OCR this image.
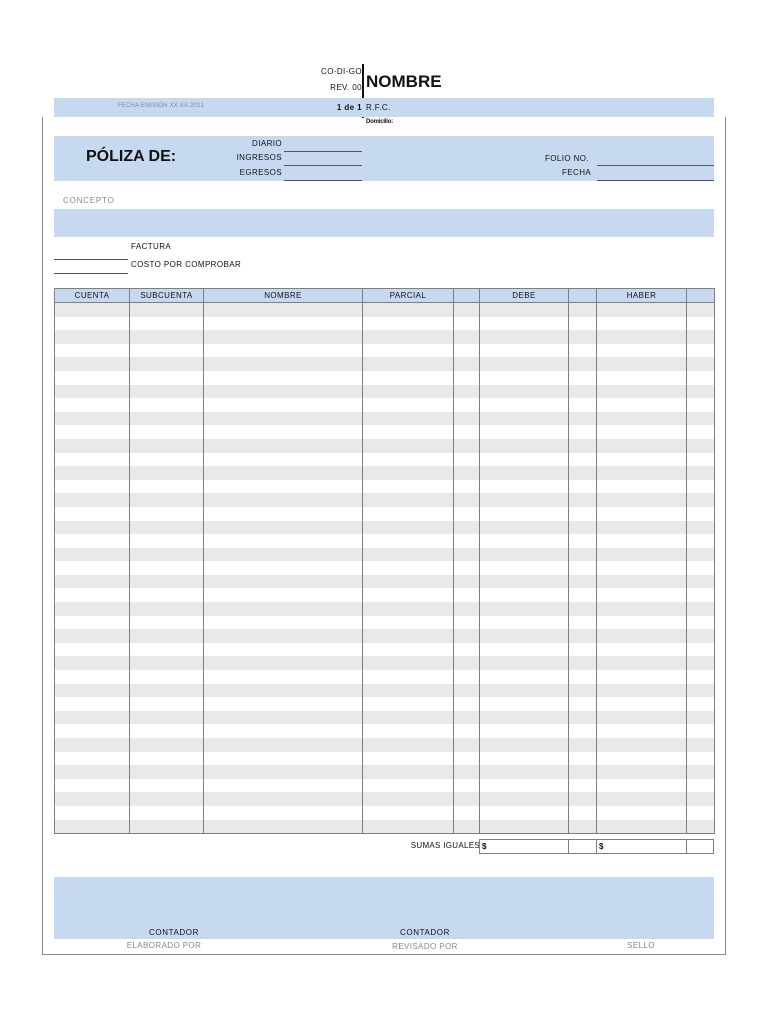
CO-DI-GO
REV. 00 NOMBRE
FECHA EMISIÓN XX.XX.2021	1 de 1 R.F.C.
Domicilio:
PÓLIZA DE:
DIARIO
INGRESOS
EGRESOS
FOLIO NO.
FECHA
CONCEPTO
FACTURA
COSTO POR COMPROBAR
CUENTA	SUBCUENTA	NOMBRE	PARCIAL		DEBE		HABER	

SUMAS IGUALES $	$
CONTADOR	CONTADOR
ELABORADO POR	REVISADO POR	SELLO
